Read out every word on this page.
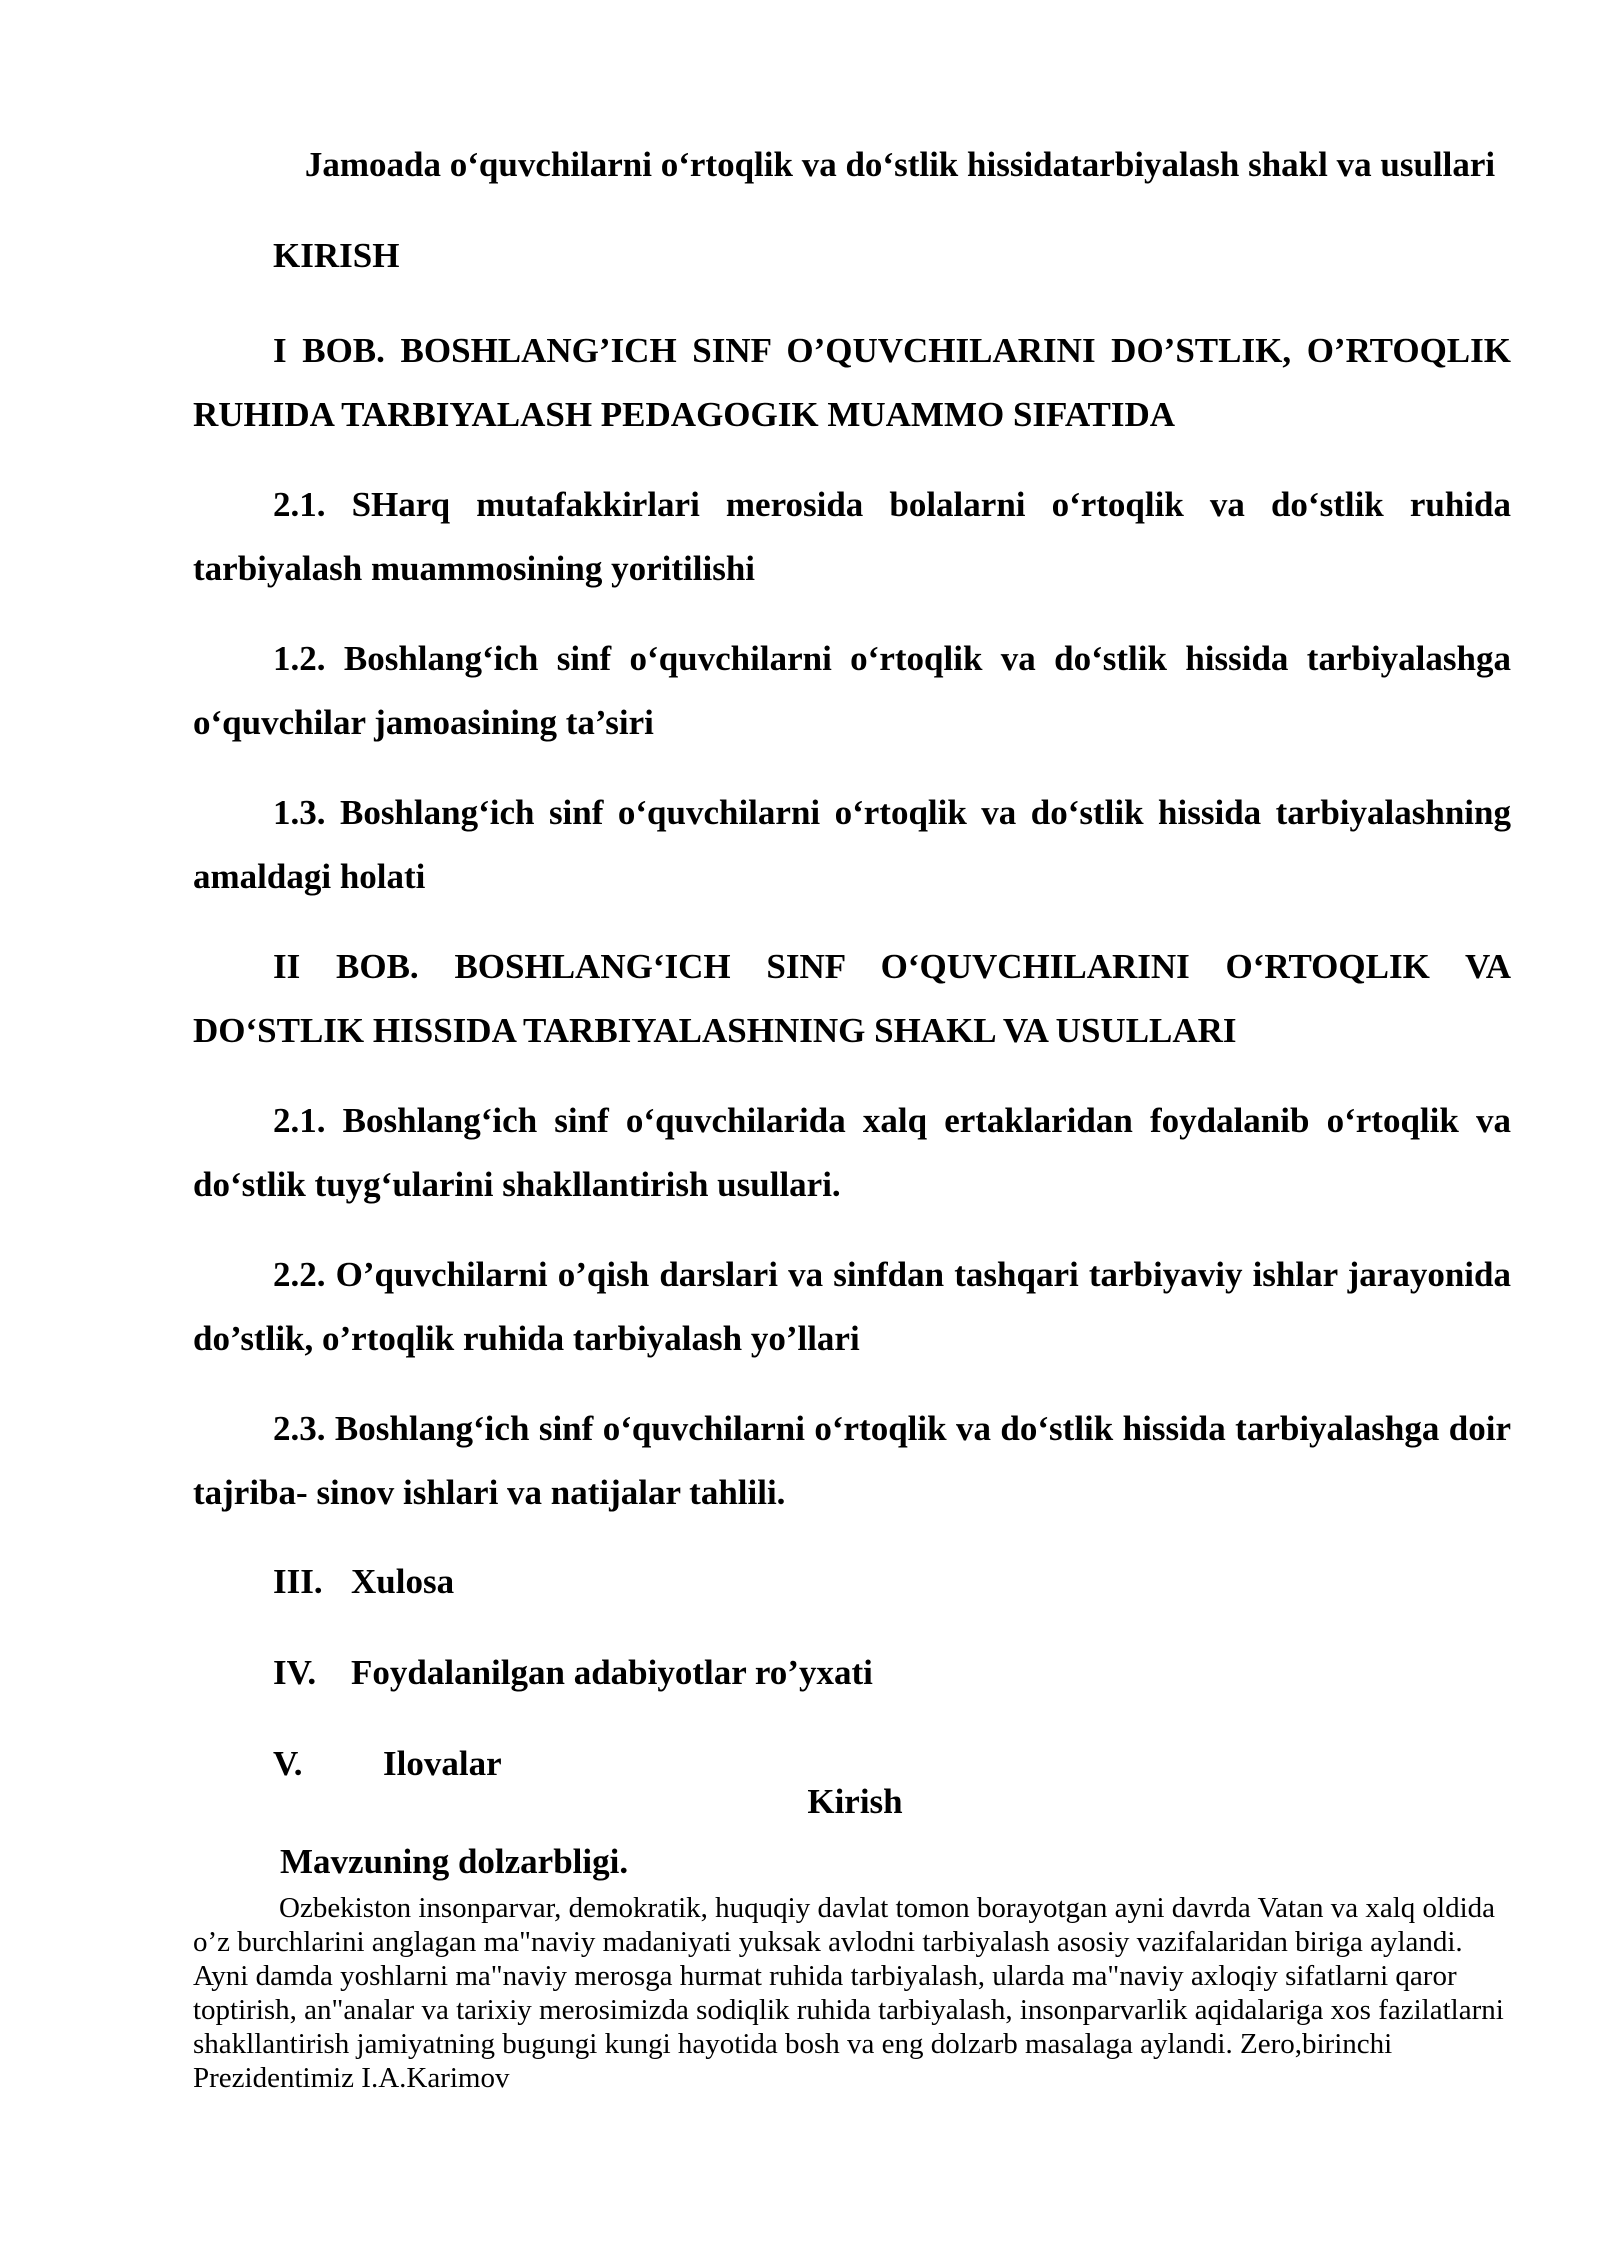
Jamoada o‘quvchilarni o‘rtoqlik va do‘stlik hissidatarbiyalash shakl va usullari
KIRISH

I BOB. BOSHLANG’ICH SINF O’QUVCHILARINI DO’STLIK, O’RTOQLIK RUHIDA TARBIYALASH PEDAGOGIK MUAMMO SIFATIDA

2.1. SHarq mutafakkirlari merosida bolalarni o‘rtoqlik va do‘stlik ruhida tarbiyalash muammosining yoritilishi

1.2. Boshlang‘ich sinf o‘quvchilarni o‘rtoqlik va do‘stlik hissida tarbiyalashga o‘quvchilar jamoasining ta’siri

1.3. Boshlang‘ich sinf o‘quvchilarni o‘rtoqlik va do‘stlik hissida tarbiyalashning amaldagi holati

II BOB. BOSHLANG‘ICH SINF O‘QUVCHILARINI O‘RTOQLIK VA DO‘STLIK HISSIDA TARBIYALASHNING SHAKL VA USULLARI

2.1. Boshlang‘ich sinf o‘quvchilarida xalq ertaklaridan foydalanib o‘rtoqlik va do‘stlik tuyg‘ularini shakllantirish usullari.

2.2. O’quvchilarni o’qish darslari va sinfdan tashqari tarbiyaviy ishlar jarayonida do’stlik, o’rtoqlik ruhida tarbiyalash yo’llari

2.3. Boshlang‘ich sinf o‘quvchilarni o‘rtoqlik va do‘stlik hissida tarbiyalashga doir tajriba- sinov ishlari va natijalar tahlili.

III. Xulosa
IV. Foydalanilgan adabiyotlar ro’yxati
V. Ilovalar
Kirish
Mavzuning dolzarbligi.

Ozbekiston insonparvar, demokratik, huquqiy davlat tomon borayotgan ayni davrda Vatan va xalq oldida o’z burchlarini anglagan ma"naviy madaniyati yuksak avlodni tarbiyalash asosiy vazifalaridan biriga aylandi. Ayni damda yoshlarni ma"naviy merosga hurmat ruhida tarbiyalash, ularda ma"naviy axloqiy sifatlarni qaror toptirish, an"analar va tarixiy merosimizda sodiqlik ruhida tarbiyalash, insonparvarlik aqidalariga xos fazilatlarni shakllantirish jamiyatning bugungi kungi hayotida bosh va eng dolzarb masalaga aylandi. Zero,birinchi Prezidentimiz I.A.Karimov
